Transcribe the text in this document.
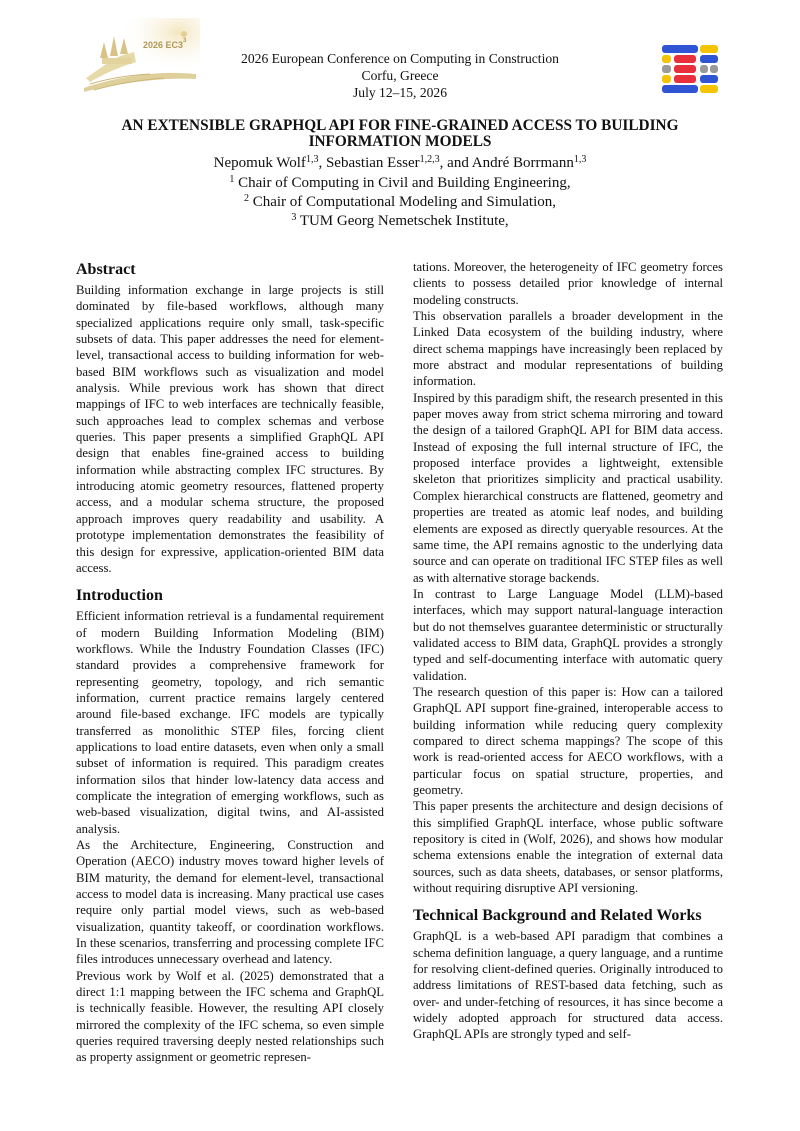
2026 EC3 3
2026 European Conference on Computing in Construction
Corfu, Greece
July 12–15, 2026
AN EXTENSIBLE GRAPHQL API FOR FINE-GRAINED ACCESS TO BUILDING INFORMATION MODELS
Nepomuk Wolf$^{1,3}$, Sebastian Esser$^{1,2,3}$, and André Borrmann$^{1,3}$
$^1$ Chair of Computing in Civil and Building Engineering,
$^2$ Chair of Computational Modeling and Simulation,
$^3$ TUM Georg Nemetschek Institute,
Abstract

Building information exchange in large projects is still dominated by file-based workflows, although many specialized applications require only small, task-specific subsets of data. This paper addresses the need for element-level, transactional access to building information for web-based BIM workflows such as visualization and model analysis. While previous work has shown that direct mappings of IFC to web interfaces are technically feasible, such approaches lead to complex schemas and verbose queries. This paper presents a simplified GraphQL API design that enables fine-grained access to building information while abstracting complex IFC structures. By introducing atomic geometry resources, flattened property access, and a modular schema structure, the proposed approach improves query readability and usability. A prototype implementation demonstrates the feasibility of this design for expressive, application-oriented BIM data access.

Introduction

Efficient information retrieval is a fundamental requirement of modern Building Information Modeling (BIM) workflows. While the Industry Foundation Classes (IFC) standard provides a comprehensive framework for representing geometry, topology, and rich semantic information, current practice remains largely centered around file-based exchange. IFC models are typically transferred as monolithic STEP files, forcing client applications to load entire datasets, even when only a small subset of information is required. This paradigm creates information silos that hinder low-latency data access and complicate the integration of emerging workflows, such as web-based visualization, digital twins, and AI-assisted analysis.

As the Architecture, Engineering, Construction and Operation (AECO) industry moves toward higher levels of BIM maturity, the demand for element-level, transactional access to model data is increasing. Many practical use cases require only partial model views, such as web-based visualization, quantity takeoff, or coordination workflows. In these scenarios, transferring and processing complete IFC files introduces unnecessary overhead and latency.

Previous work by Wolf et al. (2025) demonstrated that a direct 1:1 mapping between the IFC schema and GraphQL is technically feasible. However, the resulting API closely mirrored the complexity of the IFC schema, so even simple queries required traversing deeply nested relationships such as property assignment or geometric represen-

tations. Moreover, the heterogeneity of IFC geometry forces clients to possess detailed prior knowledge of internal modeling constructs.

This observation parallels a broader development in the Linked Data ecosystem of the building industry, where direct schema mappings have increasingly been replaced by more abstract and modular representations of building information.

Inspired by this paradigm shift, the research presented in this paper moves away from strict schema mirroring and toward the design of a tailored GraphQL API for BIM data access. Instead of exposing the full internal structure of IFC, the proposed interface provides a lightweight, extensible skeleton that prioritizes simplicity and practical usability. Complex hierarchical constructs are flattened, geometry and properties are treated as atomic leaf nodes, and building elements are exposed as directly queryable resources. At the same time, the API remains agnostic to the underlying data source and can operate on traditional IFC STEP files as well as with alternative storage backends.

In contrast to Large Language Model (LLM)-based interfaces, which may support natural-language interaction but do not themselves guarantee deterministic or structurally validated access to BIM data, GraphQL provides a strongly typed and self-documenting interface with automatic query validation.

The research question of this paper is: How can a tailored GraphQL API support fine-grained, interoperable access to building information while reducing query complexity compared to direct schema mappings? The scope of this work is read-oriented access for AECO workflows, with a particular focus on spatial structure, properties, and geometry.

This paper presents the architecture and design decisions of this simplified GraphQL interface, whose public software repository is cited in (Wolf, 2026), and shows how modular schema extensions enable the integration of external data sources, such as data sheets, databases, or sensor platforms, without requiring disruptive API versioning.

Technical Background and Related Works

GraphQL is a web-based API paradigm that combines a schema definition language, a query language, and a runtime for resolving client-defined queries. Originally introduced to address limitations of REST-based data fetching, such as over- and under-fetching of resources, it has since become a widely adopted approach for structured data access. GraphQL APIs are strongly typed and self-
